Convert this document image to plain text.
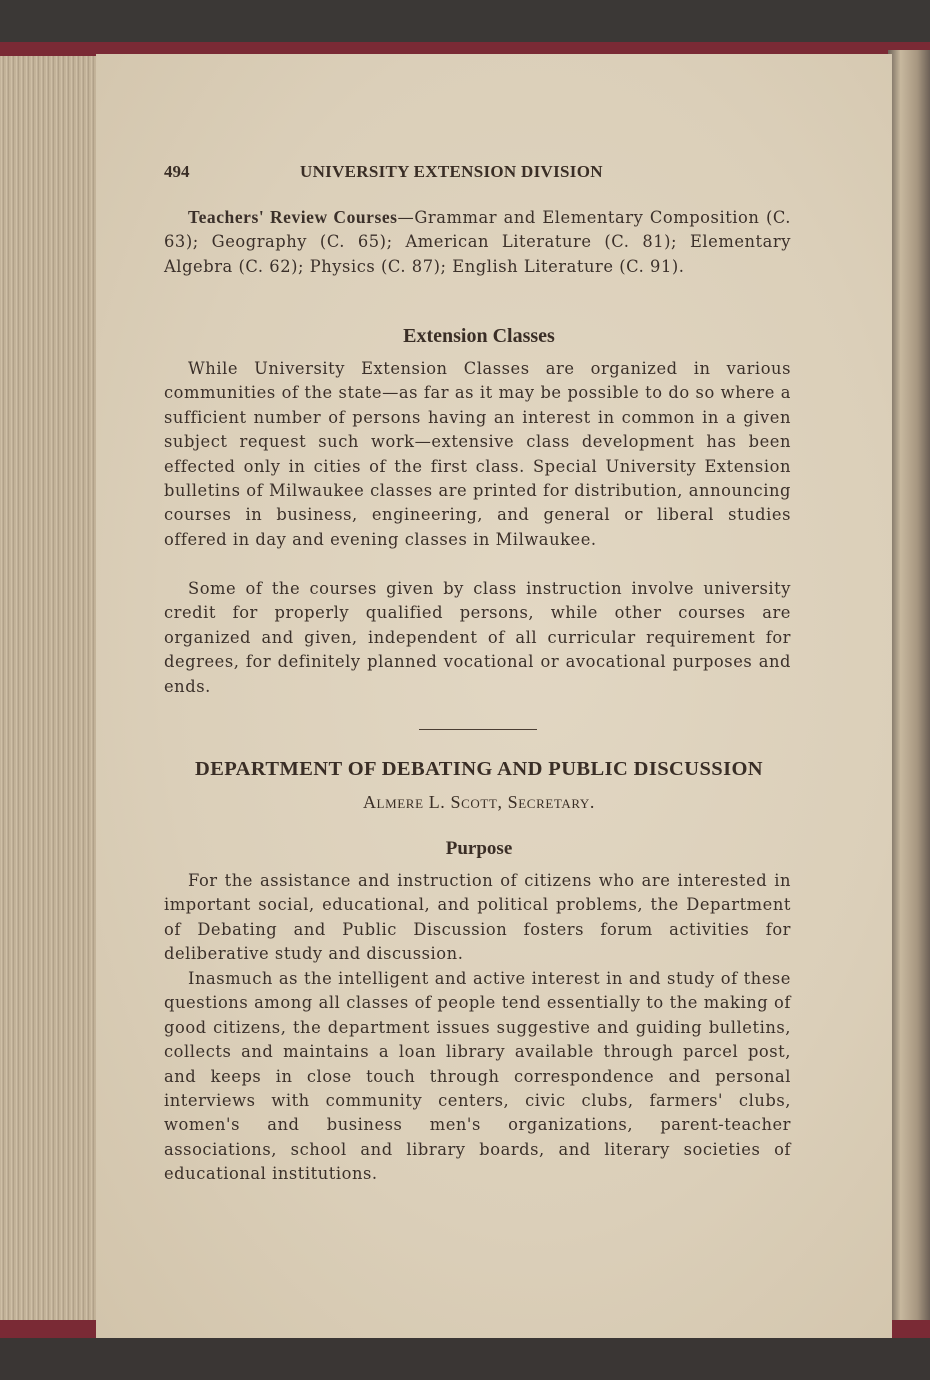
494	UNIVERSITY EXTENSION DIVISION

Teachers' Review Courses—Grammar and Elementary Composition (C. 63); Geography (C. 65); American Literature (C. 81); Elementary Algebra (C. 62); Physics (C. 87); English Literature (C. 91).

Extension Classes

While University Extension Classes are organized in various communities of the state—as far as it may be possible to do so where a sufficient number of persons having an interest in common in a given subject request such work—extensive class development has been effected only in cities of the first class. Special University Extension bulletins of Milwaukee classes are printed for distribution, announcing courses in business, engineering, and general or liberal studies offered in day and evening classes in Milwaukee.

Some of the courses given by class instruction involve university credit for properly qualified persons, while other courses are organized and given, independent of all curricular requirement for degrees, for definitely planned vocational or avocational purposes and ends.

DEPARTMENT OF DEBATING AND PUBLIC DISCUSSION

Almere L. Scott, Secretary.

Purpose

For the assistance and instruction of citizens who are interested in important social, educational, and political problems, the Department of Debating and Public Discussion fosters forum activities for deliberative study and discussion.

Inasmuch as the intelligent and active interest in and study of these questions among all classes of people tend essentially to the making of good citizens, the department issues suggestive and guiding bulletins, collects and maintains a loan library available through parcel post, and keeps in close touch through correspondence and personal interviews with community centers, civic clubs, farmers' clubs, women's and business men's organizations, parent-teacher associations, school and library boards, and literary societies of educational institutions.
